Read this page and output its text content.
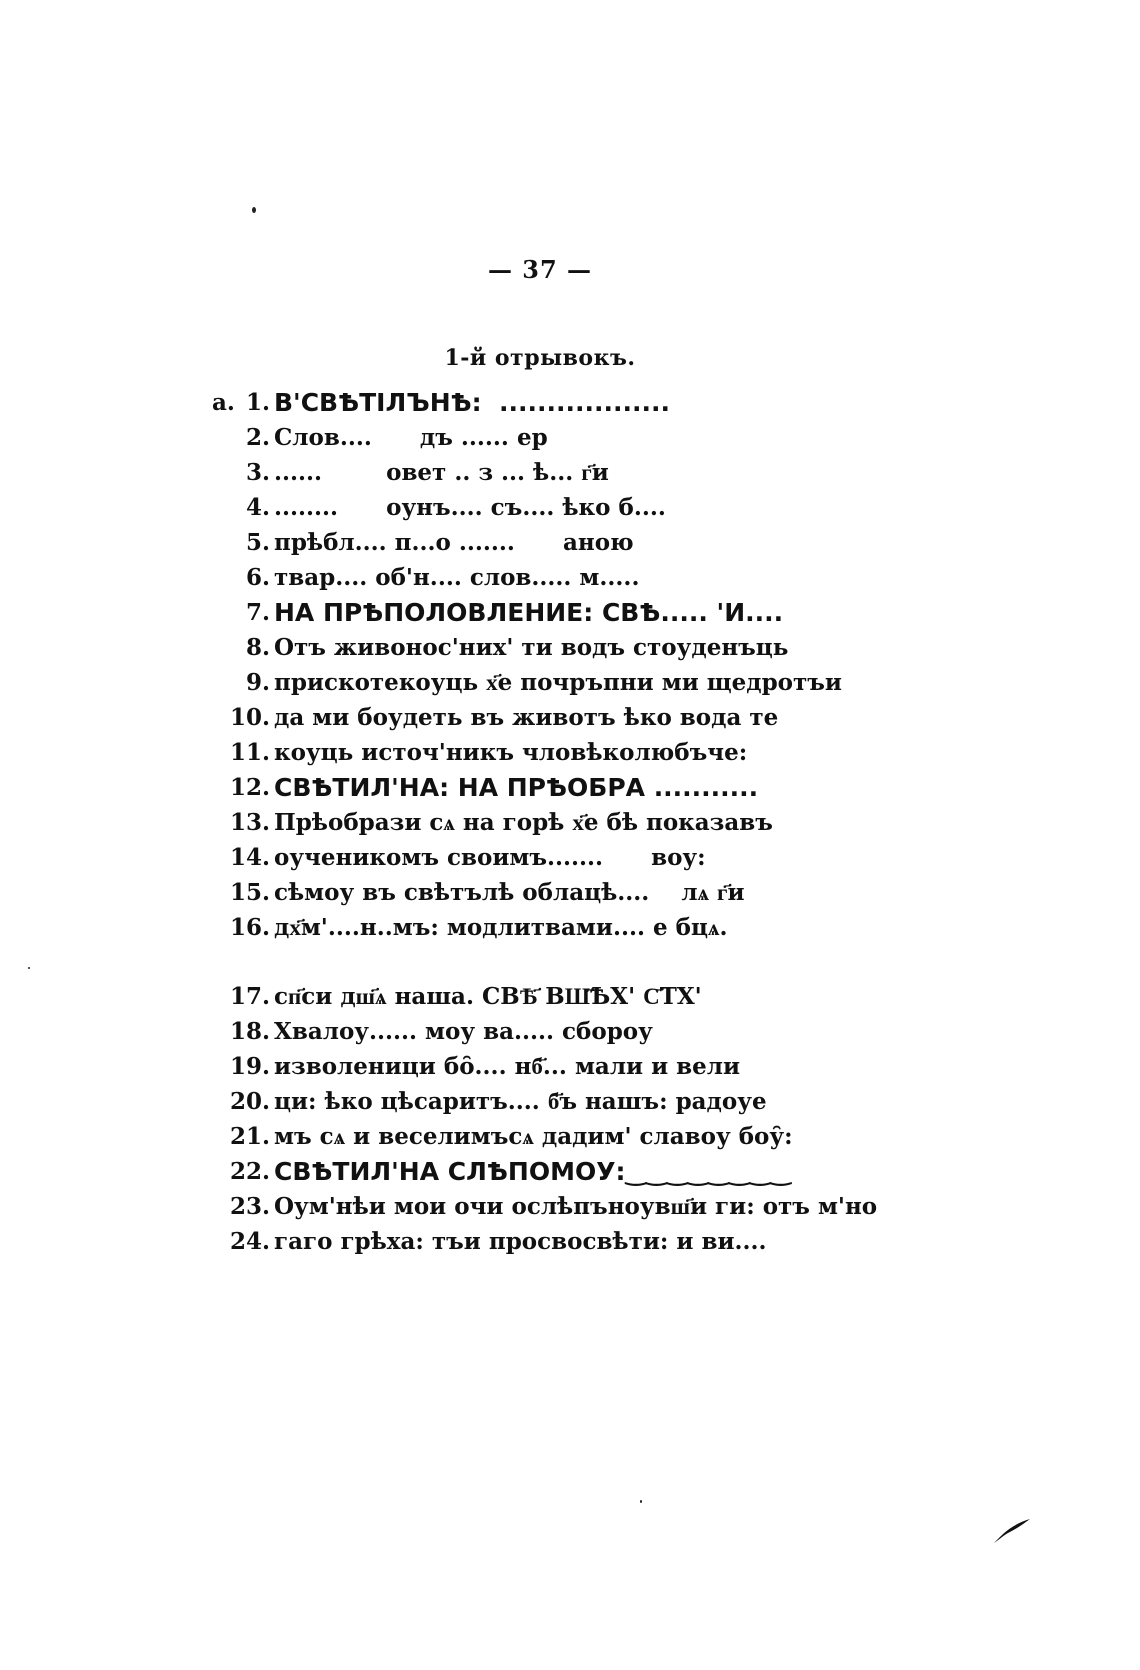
— 37 —
1-й отрывокъ.
а. 1. В'СВѢТІЛЪНѢ:  ..................
2. Слов....      дъ ...... ер
3. ......        овет .. з ... ѣ... г҃и
4. ........      оунъ.... съ.... ѣко б....
5. прѣбл.... п...о .......      аною
6. твар.... об'н.... слов..... м.....
7. НА ПРѢПОЛОВЛЕНИЕ: СВѢ..... 'И....
8. Отъ живонос'них' ти водъ стоуденъць
9. прискотекоуць х҃е почръпни ми щедротъи
10. да ми боудеть въ животъ ѣко вода те
11. коуць источ'никъ чловѣколюбъче:
12. СВѢТИЛ'НА: НА ПРѢОБРА ...........
13. Прѣобрази сѧ на горѣ х҃е бѣ показавъ
14. оученикомъ своимъ.......      воу:
15. сѣмоу въ свѣтълѣ облацѣ....    лѧ г҃и
16. дх҃м'....н..мъ: модлитвами.... е бцѧ.
17. сп҃си дш҃ѧ наша. СВѢ҃ ВШ҃ѢХ' С҃ТХ'
18. Хвалоу...... моу ва..... сбороу
19. изволеници бо̑.... нб҃... мали и вели
20. ци: ѣко цѣсаритъ.... б҃ъ нашъ: радоуе
21. мъ сѧ и веселимъсѧ дадим' славоу боу̑:
22. СВѢТИЛ'НА СЛѢПОМОУ:‿‿‿‿‿‿‿‿
23. Оум'нѣи мои очи ослѣпъноувш҃и ги: отъ м'но
24. гаго грѣха: тъи просвосвѣти: и ви....
